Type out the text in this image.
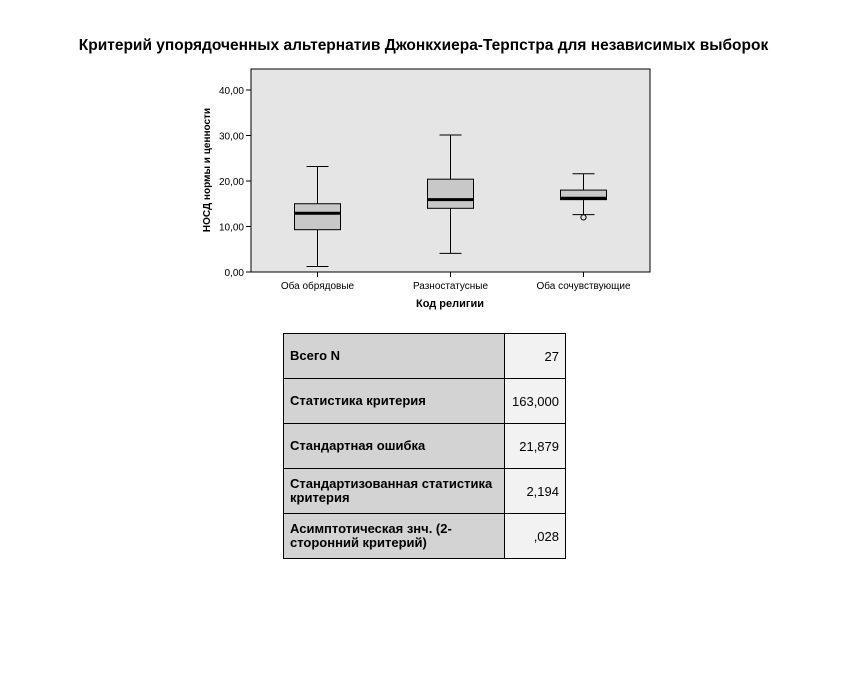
Критерий упорядоченных альтернатив Джонкхиера-Терпстра для независимых выборок
0,00
10,00
20,00
30,00
40,00
Оба обрядовые	Разностатусные	Оба сочувствующие
НОСД нормы и ценности
Код религии
Всего N	27
Статистика критерия	163,000
Стандартная ошибка	21,879
Стандартизованная статистика критерия	2,194
Асимптотическая знч. (2-сторонний критерий)	,028
